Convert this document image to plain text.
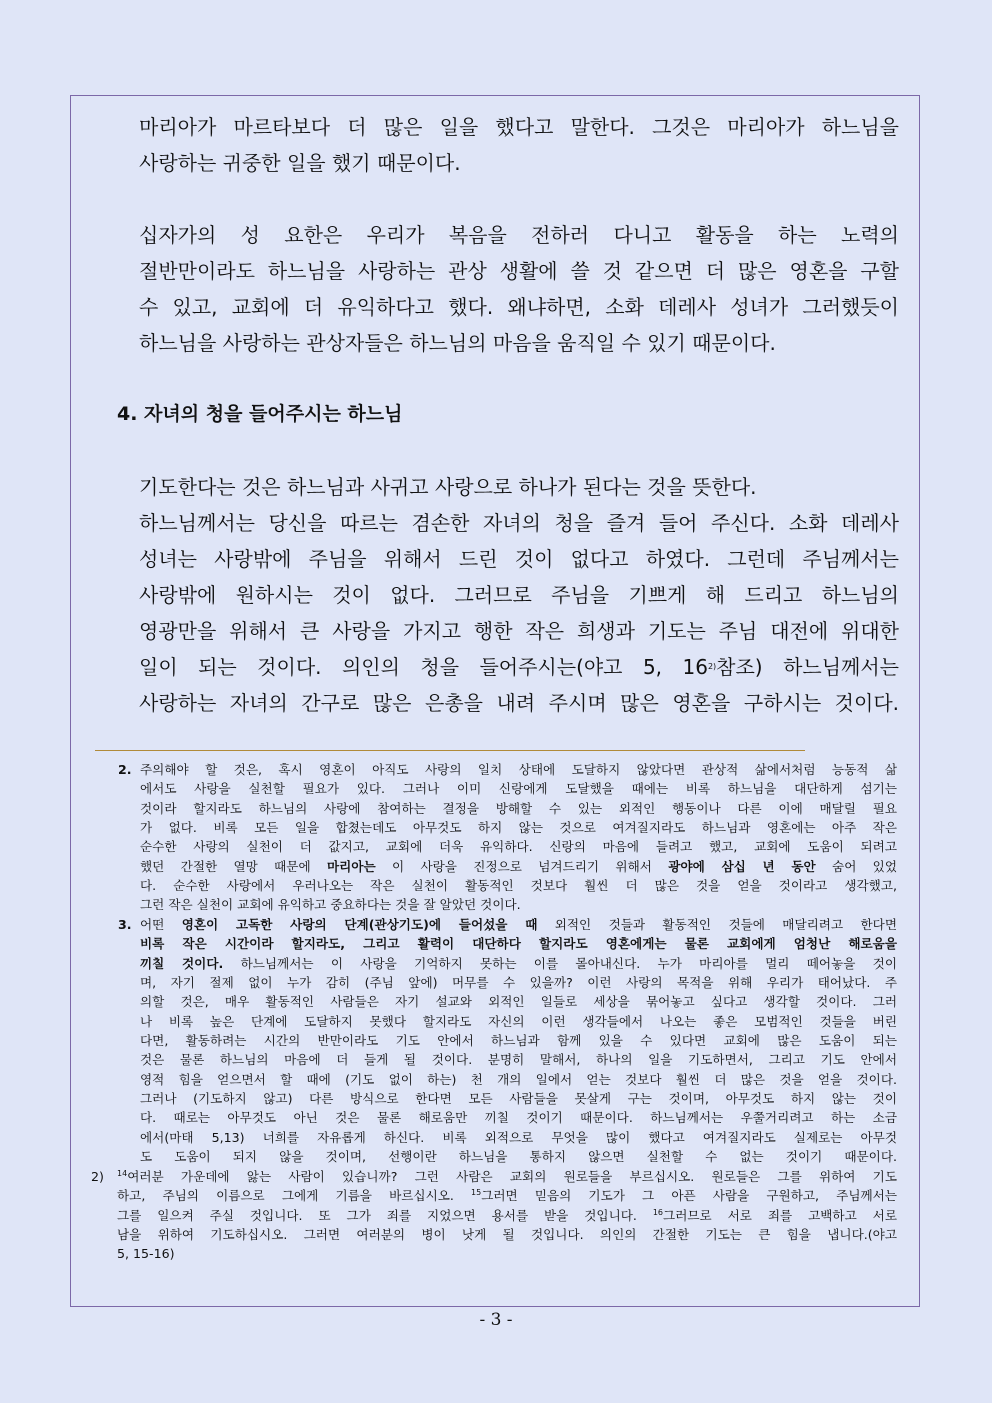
마리아가 마르타보다 더 많은 일을 했다고 말한다. 그것은 마리아가 하느님을
사랑하는 귀중한 일을 했기 때문이다.
십자가의 성 요한은 우리가 복음을 전하러 다니고 활동을 하는 노력의
절반만이라도 하느님을 사랑하는 관상 생활에 쓸 것 같으면 더 많은 영혼을 구할
수 있고, 교회에 더 유익하다고 했다. 왜냐하면, 소화 데레사 성녀가 그러했듯이
하느님을 사랑하는 관상자들은 하느님의 마음을 움직일 수 있기 때문이다.
4. 자녀의 청을 들어주시는 하느님
기도한다는 것은 하느님과 사귀고 사랑으로 하나가 된다는 것을 뜻한다.
하느님께서는 당신을 따르는 겸손한 자녀의 청을 즐겨 들어 주신다. 소화 데레사
성녀는 사랑밖에 주님을 위해서 드린 것이 없다고 하였다. 그런데 주님께서는
사랑밖에 원하시는 것이 없다. 그러므로 주님을 기쁘게 해 드리고 하느님의
영광만을 위해서 큰 사랑을 가지고 행한 작은 희생과 기도는 주님 대전에 위대한
일이 되는 것이다. 의인의 청을 들어주시는(야고 5, 16$^{2)}$참조) 하느님께서는
사랑하는 자녀의 간구로 많은 은총을 내려 주시며 많은 영혼을 구하시는 것이다.
2. 주의해야 할 것은, 혹시 영혼이 아직도 사랑의 일치 상태에 도달하지 않았다면 관상적 삶에서처럼 능동적 삶
에서도 사랑을 실천할 필요가 있다. 그러나 이미 신랑에게 도달했을 때에는 비록 하느님을 대단하게 섬기는
것이라 할지라도 하느님의 사랑에 참여하는 결정을 방해할 수 있는 외적인 행동이나 다른 이에 매달릴 필요
가 없다. 비록 모든 일을 합쳤는데도 아무것도 하지 않는 것으로 여겨질지라도 하느님과 영혼에는 아주 작은
순수한 사랑의 실천이 더 값지고, 교회에 더욱 유익하다. 신랑의 마음에 들려고 했고, 교회에 도움이 되려고
했던 간절한 열망 때문에 마리아는 이 사랑을 진정으로 넘겨드리기 위해서 광야에 삼십 년 동안 숨어 있었
다. 순수한 사랑에서 우러나오는 작은 실천이 활동적인 것보다 훨씬 더 많은 것을 얻을 것이라고 생각했고,
그런 작은 실천이 교회에 유익하고 중요하다는 것을 잘 알았던 것이다.
3. 어떤 영혼이 고독한 사랑의 단계(관상기도)에 들어섰을 때 외적인 것들과 활동적인 것들에 매달리려고 한다면
비록 작은 시간이라 할지라도, 그리고 활력이 대단하다 할지라도 영혼에게는 물론 교회에게 엄청난 해로움을
끼칠 것이다. 하느님께서는 이 사랑을 기억하지 못하는 이를 몰아내신다. 누가 마리아를 멀리 떼어놓을 것이
며, 자기 절제 없이 누가 감히 (주님 앞에) 머무를 수 있을까? 이런 사랑의 목적을 위해 우리가 태어났다. 주
의할 것은, 매우 활동적인 사람들은 자기 설교와 외적인 일들로 세상을 묶어놓고 싶다고 생각할 것이다. 그러
나 비록 높은 단계에 도달하지 못했다 할지라도 자신의 이런 생각들에서 나오는 좋은 모범적인 것들을 버린
다면, 활동하려는 시간의 반만이라도 기도 안에서 하느님과 함께 있을 수 있다면 교회에 많은 도움이 되는
것은 물론 하느님의 마음에 더 들게 될 것이다. 분명히 말해서, 하나의 일을 기도하면서, 그리고 기도 안에서
영적 힘을 얻으면서 할 때에 (기도 없이 하는) 천 개의 일에서 얻는 것보다 훨씬 더 많은 것을 얻을 것이다.
그러나 (기도하지 않고) 다른 방식으로 한다면 모든 사람들을 못살게 구는 것이며, 아무것도 하지 않는 것이
다. 때로는 아무것도 아닌 것은 물론 해로움만 끼칠 것이기 때문이다. 하느님께서는 우쭐거리려고 하는 소금
에서(마태 5,13) 너희를 자유롭게 하신다. 비록 외적으로 무엇을 많이 했다고 여겨질지라도 실제로는 아무것
도 도움이 되지 않을 것이며, 선행이란 하느님을 통하지 않으면 실천할 수 없는 것이기 때문이다.
2) $^{14}$여러분 가운데에 앓는 사람이 있습니까? 그런 사람은 교회의 원로들을 부르십시오. 원로들은 그를 위하여 기도
하고, 주님의 이름으로 그에게 기름을 바르십시오. $^{15}$그러면 믿음의 기도가 그 아픈 사람을 구원하고, 주님께서는
그를 일으켜 주실 것입니다. 또 그가 죄를 지었으면 용서를 받을 것입니다. $^{16}$그러므로 서로 죄를 고백하고 서로
남을 위하여 기도하십시오. 그러면 여러분의 병이 낫게 될 것입니다. 의인의 간절한 기도는 큰 힘을 냅니다.(야고
5, 15-16)
- 3 -
